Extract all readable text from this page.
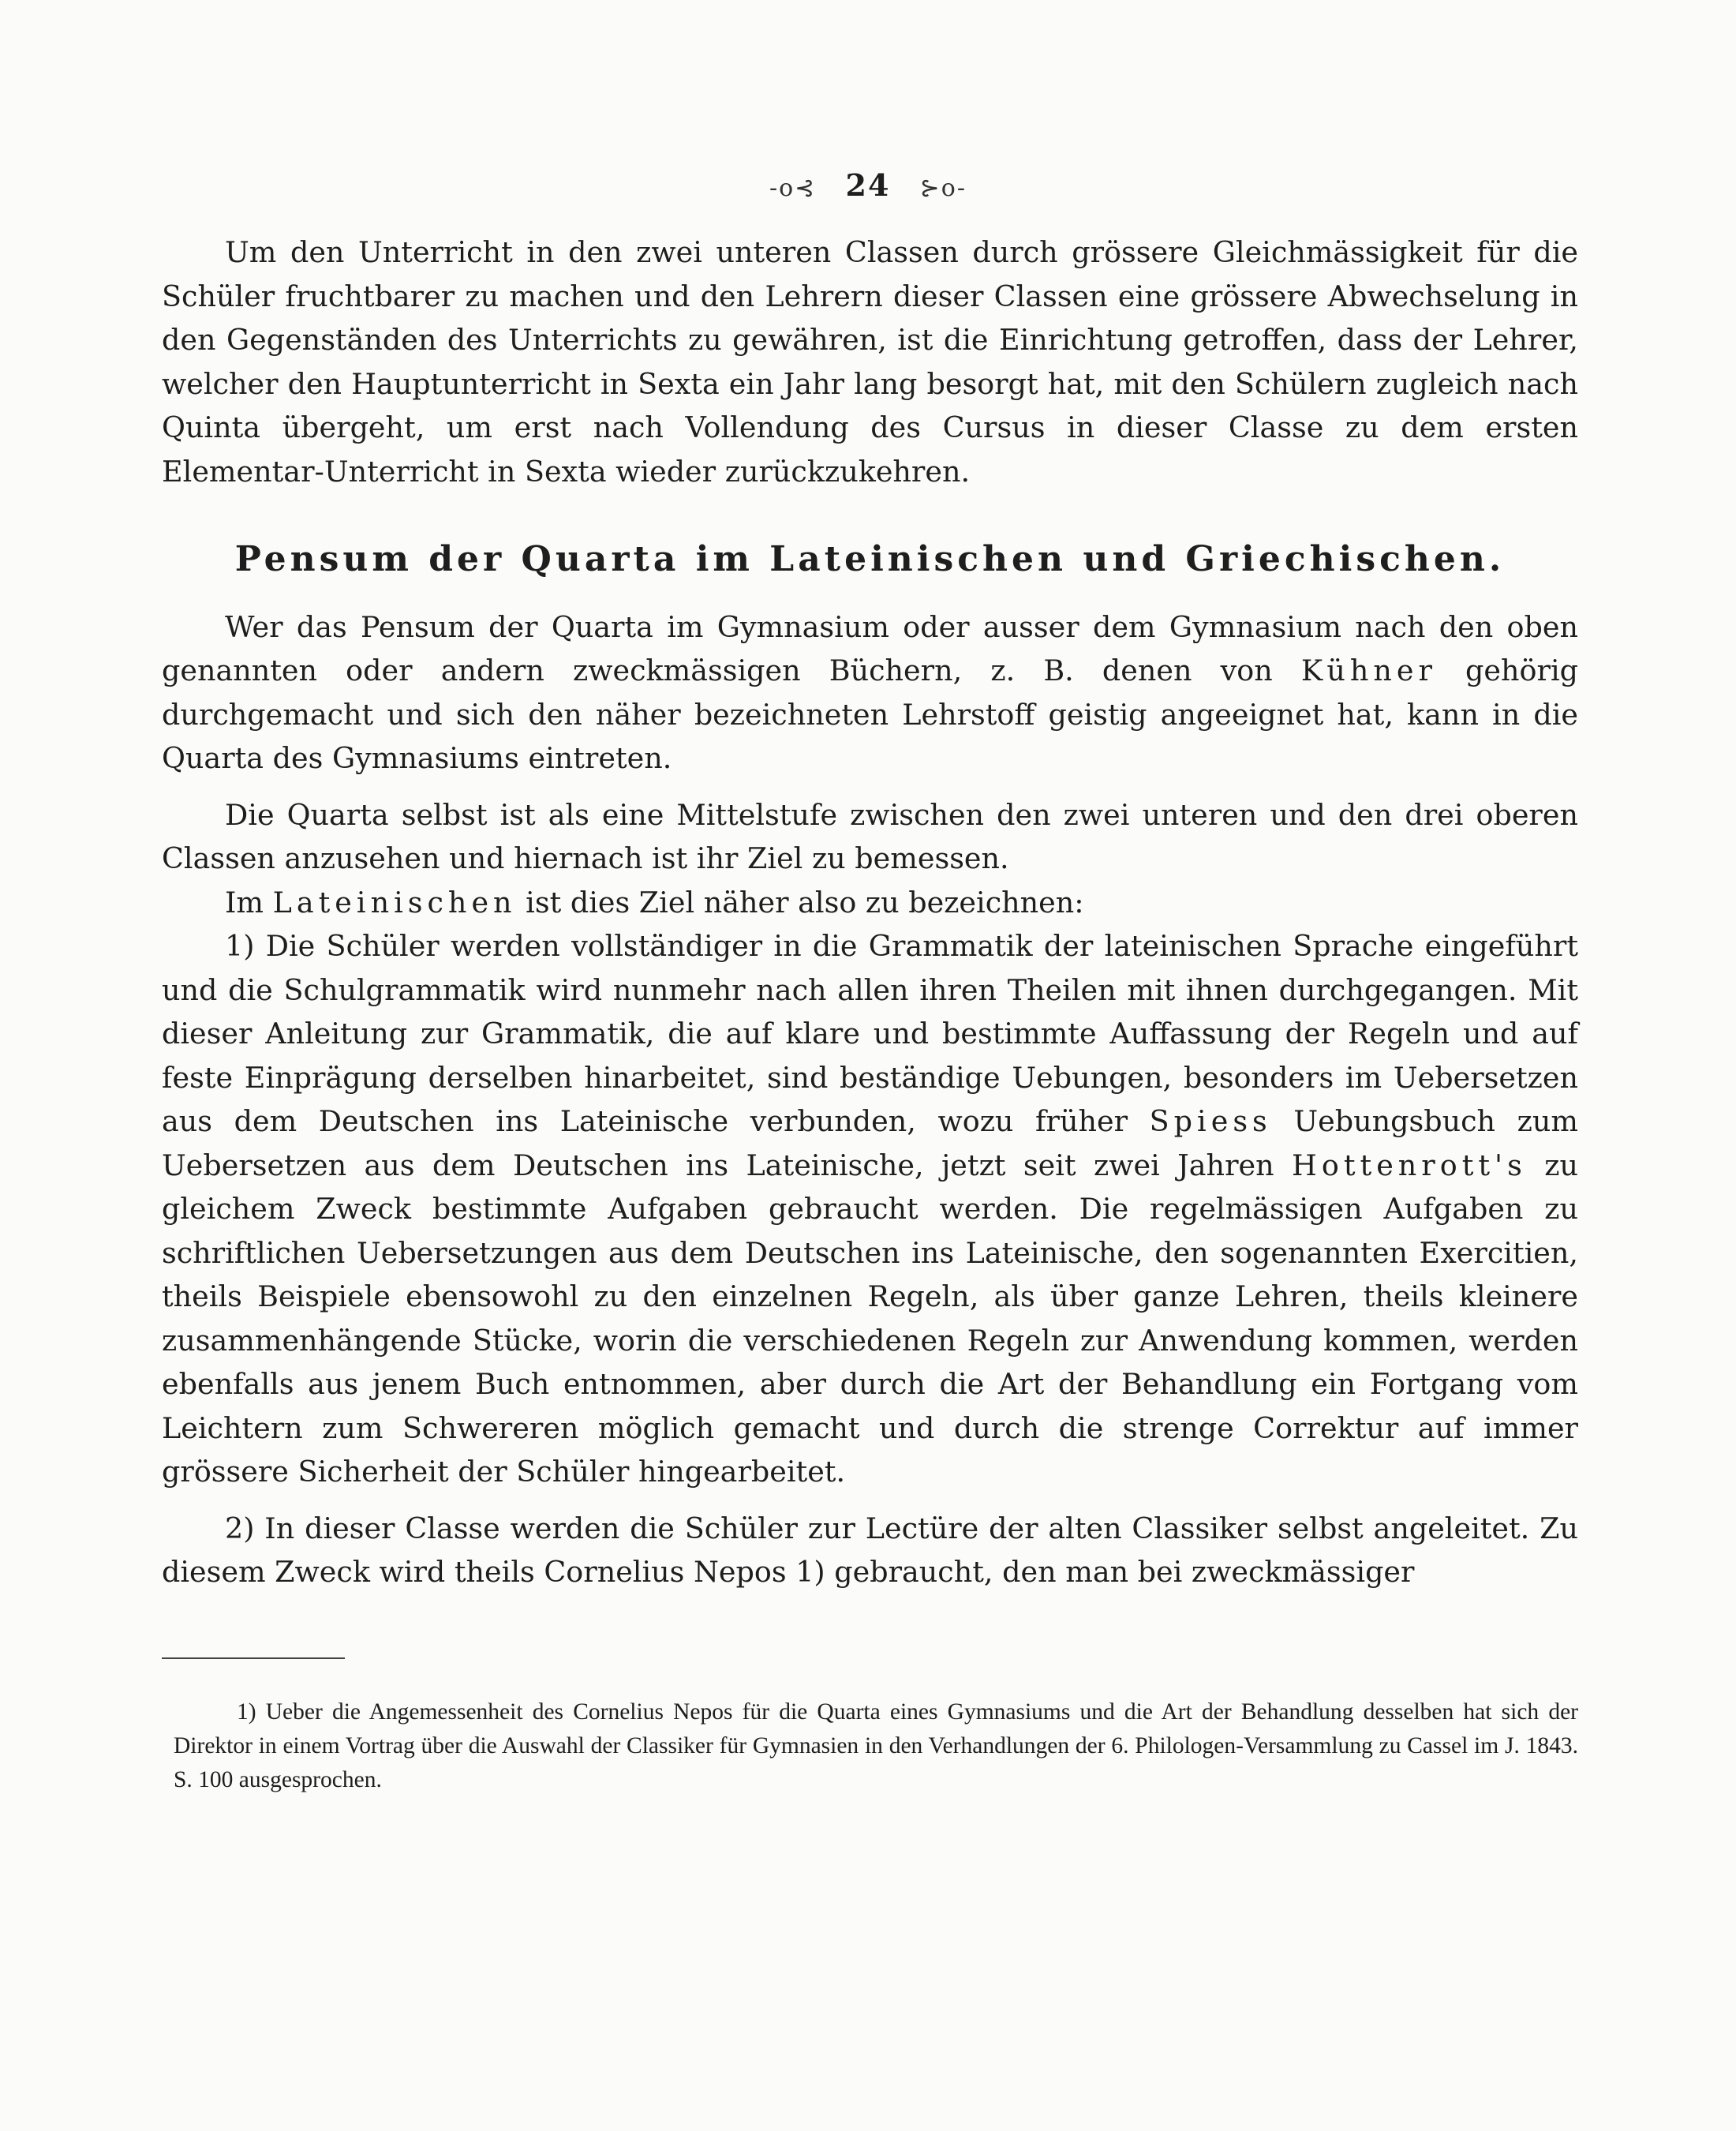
-o⊰ 24 ⊱o-

Um den Unterricht in den zwei unteren Classen durch grössere Gleichmässigkeit für die Schüler fruchtbarer zu machen und den Lehrern dieser Classen eine grössere Abwechselung in den Gegenständen des Unterrichts zu gewähren, ist die Einrichtung getroffen, dass der Lehrer, welcher den Hauptunterricht in Sexta ein Jahr lang besorgt hat, mit den Schülern zugleich nach Quinta übergeht, um erst nach Vollendung des Cursus in dieser Classe zu dem ersten Elementar-Unterricht in Sexta wieder zurückzukehren.

Pensum der Quarta im Lateinischen und Griechischen.

Wer das Pensum der Quarta im Gymnasium oder ausser dem Gymnasium nach den oben genannten oder andern zweckmässigen Büchern, z. B. denen von Kühner gehörig durchgemacht und sich den näher bezeichneten Lehrstoff geistig angeeignet hat, kann in die Quarta des Gymnasiums eintreten.

Die Quarta selbst ist als eine Mittelstufe zwischen den zwei unteren und den drei oberen Classen anzusehen und hiernach ist ihr Ziel zu bemessen.

Im Lateinischen ist dies Ziel näher also zu bezeichnen:

1) Die Schüler werden vollständiger in die Grammatik der lateinischen Sprache eingeführt und die Schulgrammatik wird nunmehr nach allen ihren Theilen mit ihnen durchgegangen. Mit dieser Anleitung zur Grammatik, die auf klare und bestimmte Auffassung der Regeln und auf feste Einprägung derselben hinarbeitet, sind beständige Uebungen, besonders im Uebersetzen aus dem Deutschen ins Lateinische verbunden, wozu früher Spiess Uebungsbuch zum Uebersetzen aus dem Deutschen ins Lateinische, jetzt seit zwei Jahren Hottenrott's zu gleichem Zweck bestimmte Aufgaben gebraucht werden. Die regelmässigen Aufgaben zu schriftlichen Uebersetzungen aus dem Deutschen ins Lateinische, den sogenannten Exercitien, theils Beispiele ebensowohl zu den einzelnen Regeln, als über ganze Lehren, theils kleinere zusammenhängende Stücke, worin die verschiedenen Regeln zur Anwendung kommen, werden ebenfalls aus jenem Buch entnommen, aber durch die Art der Behandlung ein Fortgang vom Leichtern zum Schwereren möglich gemacht und durch die strenge Correktur auf immer grössere Sicherheit der Schüler hingearbeitet.

2) In dieser Classe werden die Schüler zur Lectüre der alten Classiker selbst angeleitet. Zu diesem Zweck wird theils Cornelius Nepos 1) gebraucht, den man bei zweckmässiger

1) Ueber die Angemessenheit des Cornelius Nepos für die Quarta eines Gymnasiums und die Art der Behandlung desselben hat sich der Direktor in einem Vortrag über die Auswahl der Classiker für Gymnasien in den Verhandlungen der 6. Philologen-Versammlung zu Cassel im J. 1843. S. 100 ausgesprochen.
